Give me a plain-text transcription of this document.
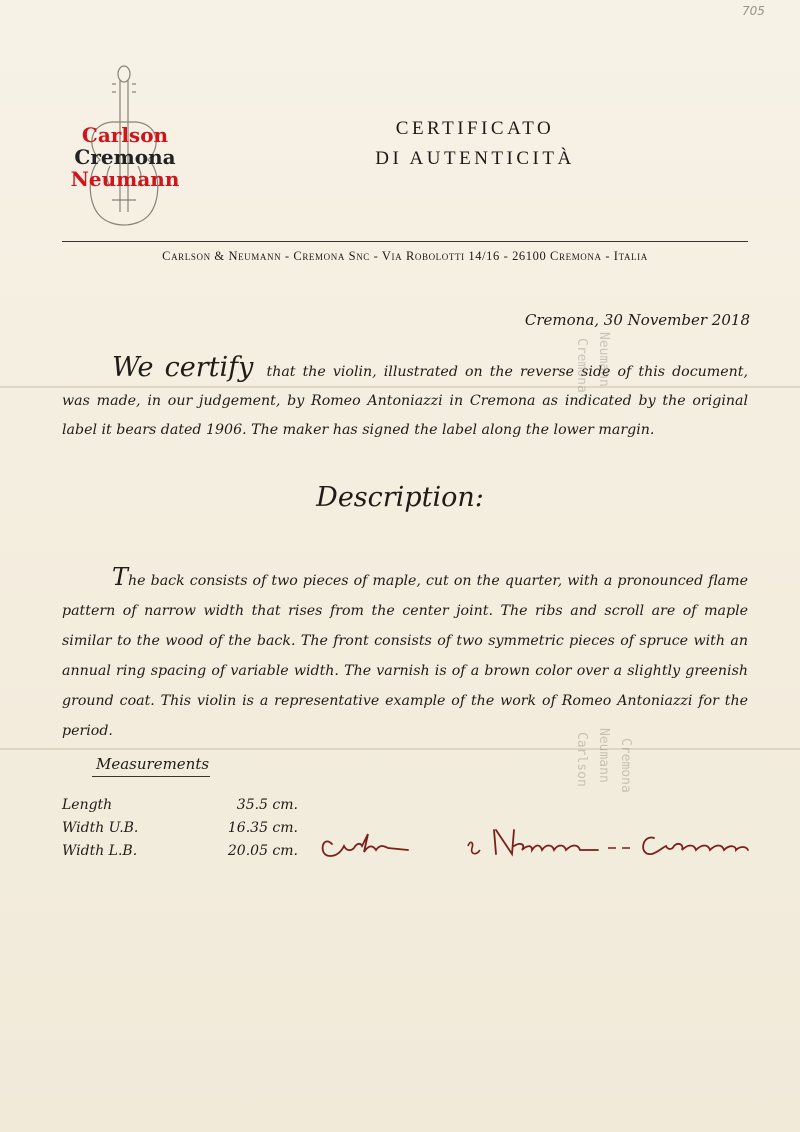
705
Carlson
Cremona
Neumann
CERTIFICATO
DI AUTENTICITÀ
Carlson & Neumann - Cremona Snc - Via Robolotti 14/16 - 26100 Cremona - Italia
Cremona, 30 November 2018
We certify that the violin, illustrated on the reverse side of this document, was made, in our judgement, by Romeo Antoniazzi in Cremona as indicated by the original label it bears dated 1906. The maker has signed the label along the lower margin.
Description:
The back consists of two pieces of maple, cut on the quarter, with a pronounced flame pattern of narrow width that rises from the center joint. The ribs and scroll are of maple similar to the wood of the back. The front consists of two symmetric pieces of spruce with an annual ring spacing of variable width. The varnish is of a brown color over a slightly greenish ground coat. This violin is a representative example of the work of Romeo Antoniazzi for the period.
Measurements
Length	35.5 cm.
Width U.B.	16.35 cm.
Width L.B.	20.05 cm.
Cremona Neumann
Carlson Neumann Cremona
